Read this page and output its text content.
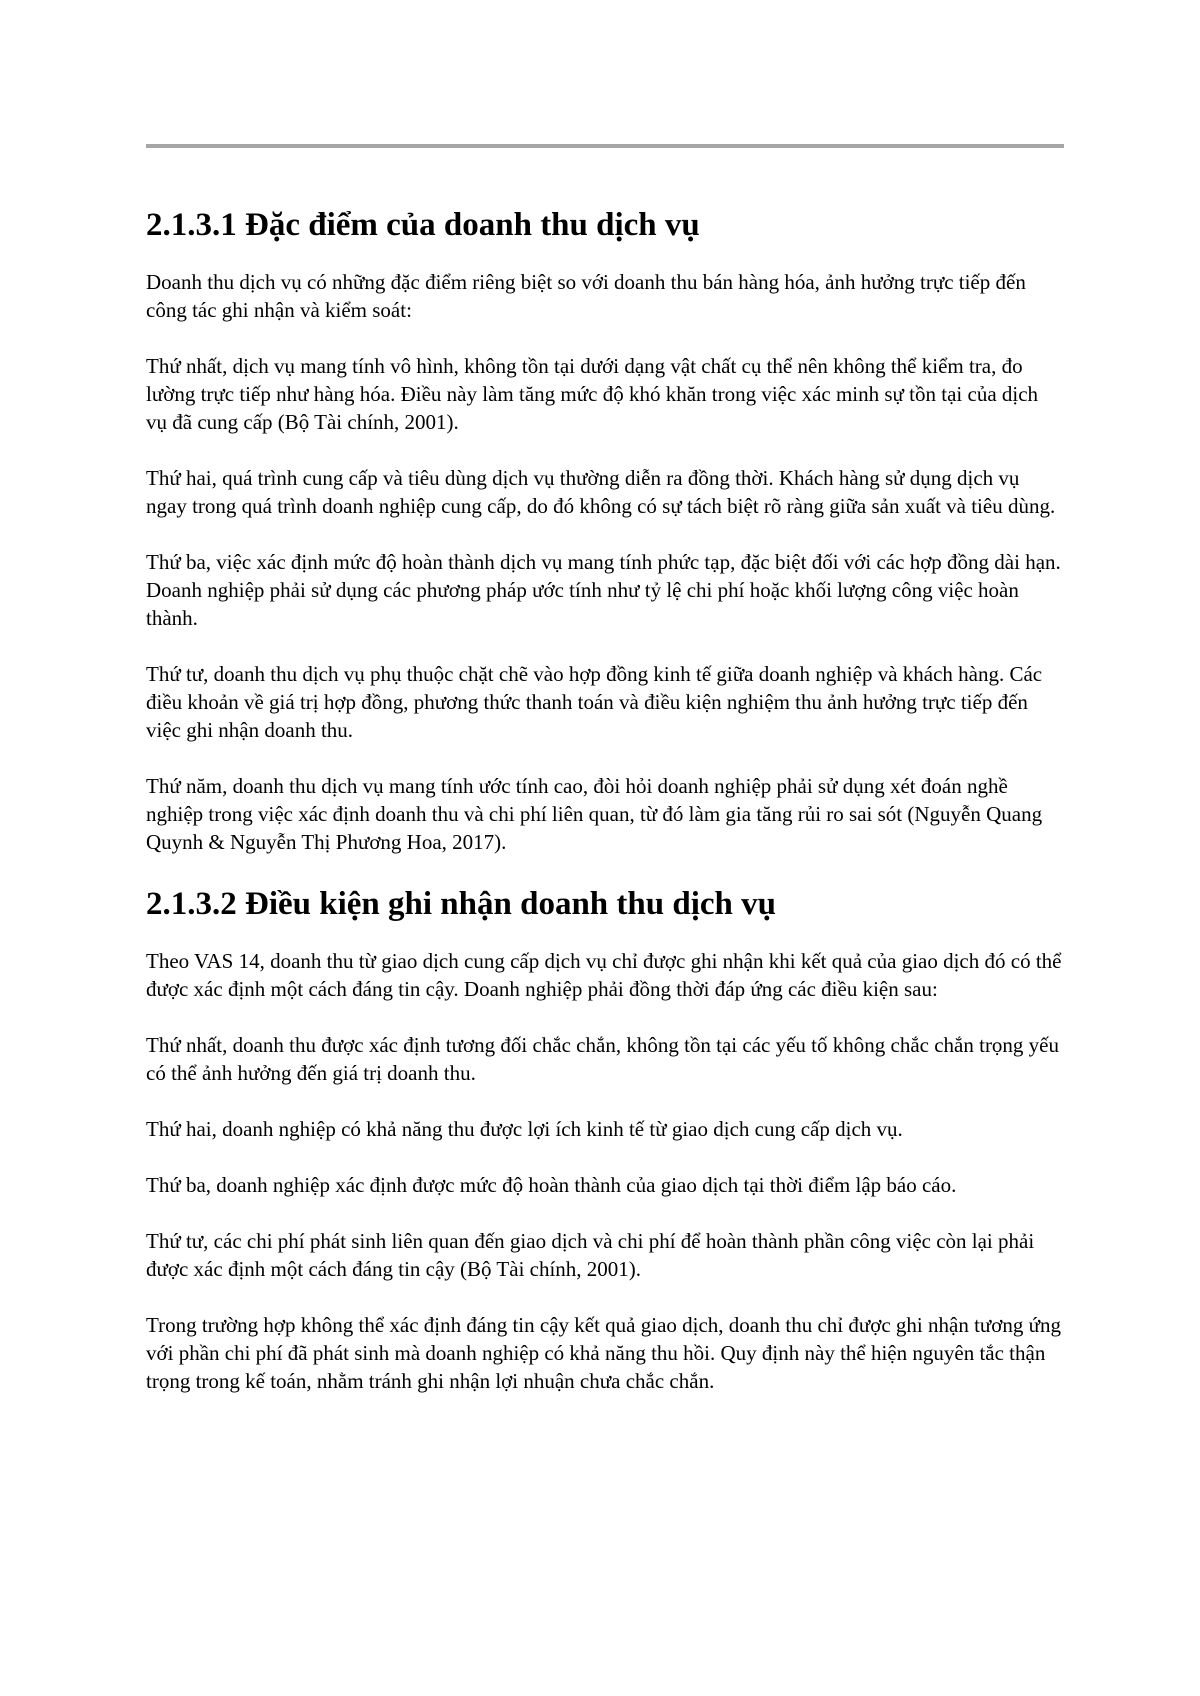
2.1.3.1 Đặc điểm của doanh thu dịch vụ

Doanh thu dịch vụ có những đặc điểm riêng biệt so với doanh thu bán hàng hóa, ảnh hưởng trực tiếp đến công tác ghi nhận và kiểm soát:

Thứ nhất, dịch vụ mang tính vô hình, không tồn tại dưới dạng vật chất cụ thể nên không thể kiểm tra, đo lường trực tiếp như hàng hóa. Điều này làm tăng mức độ khó khăn trong việc xác minh sự tồn tại của dịch vụ đã cung cấp (Bộ Tài chính, 2001).

Thứ hai, quá trình cung cấp và tiêu dùng dịch vụ thường diễn ra đồng thời. Khách hàng sử dụng dịch vụ ngay trong quá trình doanh nghiệp cung cấp, do đó không có sự tách biệt rõ ràng giữa sản xuất và tiêu dùng.

Thứ ba, việc xác định mức độ hoàn thành dịch vụ mang tính phức tạp, đặc biệt đối với các hợp đồng dài hạn. Doanh nghiệp phải sử dụng các phương pháp ước tính như tỷ lệ chi phí hoặc khối lượng công việc hoàn thành.

Thứ tư, doanh thu dịch vụ phụ thuộc chặt chẽ vào hợp đồng kinh tế giữa doanh nghiệp và khách hàng. Các điều khoản về giá trị hợp đồng, phương thức thanh toán và điều kiện nghiệm thu ảnh hưởng trực tiếp đến việc ghi nhận doanh thu.

Thứ năm, doanh thu dịch vụ mang tính ước tính cao, đòi hỏi doanh nghiệp phải sử dụng xét đoán nghề nghiệp trong việc xác định doanh thu và chi phí liên quan, từ đó làm gia tăng rủi ro sai sót (Nguyễn Quang Quynh & Nguyễn Thị Phương Hoa, 2017).

2.1.3.2 Điều kiện ghi nhận doanh thu dịch vụ

Theo VAS 14, doanh thu từ giao dịch cung cấp dịch vụ chỉ được ghi nhận khi kết quả của giao dịch đó có thể được xác định một cách đáng tin cậy. Doanh nghiệp phải đồng thời đáp ứng các điều kiện sau:

Thứ nhất, doanh thu được xác định tương đối chắc chắn, không tồn tại các yếu tố không chắc chắn trọng yếu có thể ảnh hưởng đến giá trị doanh thu.

Thứ hai, doanh nghiệp có khả năng thu được lợi ích kinh tế từ giao dịch cung cấp dịch vụ.

Thứ ba, doanh nghiệp xác định được mức độ hoàn thành của giao dịch tại thời điểm lập báo cáo.

Thứ tư, các chi phí phát sinh liên quan đến giao dịch và chi phí để hoàn thành phần công việc còn lại phải được xác định một cách đáng tin cậy (Bộ Tài chính, 2001).

Trong trường hợp không thể xác định đáng tin cậy kết quả giao dịch, doanh thu chỉ được ghi nhận tương ứng với phần chi phí đã phát sinh mà doanh nghiệp có khả năng thu hồi. Quy định này thể hiện nguyên tắc thận trọng trong kế toán, nhằm tránh ghi nhận lợi nhuận chưa chắc chắn.
